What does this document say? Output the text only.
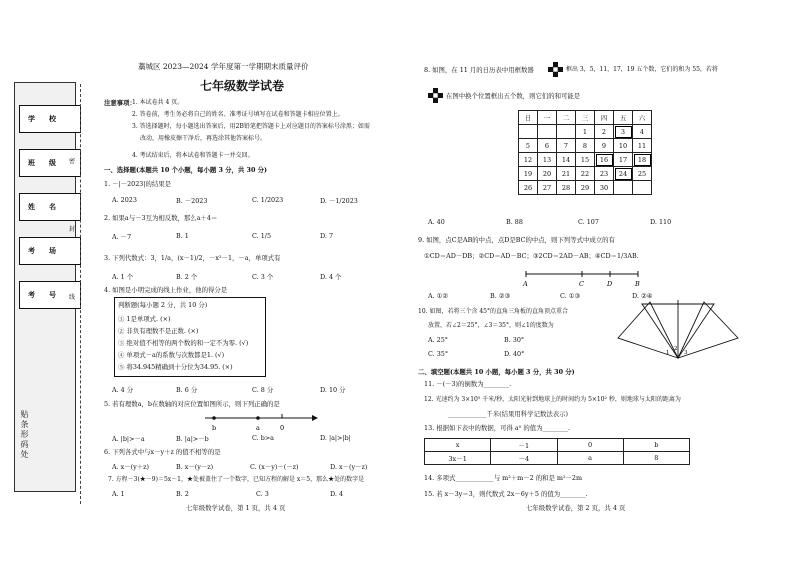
学　　校
班　　级
姓　　名
考　　场
考　　号
贴条形码处
密
封
线
藁城区 2023—2024 学年度第一学期期末质量评价
七年级数学试卷
注意事项：
1. 本试卷共 4 页。
2. 答卷前，考生务必将自己的姓名、准考证号填写在试卷和答题卡相应位置上。
3. 答选择题时，每小题选出答案后，用2B铅笔把答题卡上对应题目的答案标号涂黑；如需
改动，用橡皮擦干净后，再选涂其他答案标号。
4. 考试结束后，将本试卷和答题卡一并交回。
一、选择题(本题共 10 个小题，每小题 3 分，共 30 分)
1. －|－2023|的结果是
A. 2023	B. －2023	C. 1/2023	D. －1/2023
2. 如果a与－3互为相反数，那么a＋4＝
A. －7	B. 1	C. 1/5	D. 7
3. 下列代数式：3，1/a，(x－1)/2，－x²－1，－a，单项式有
A. 1 个	B. 2 个	C. 3 个	D. 4 个
4. 如图是小明完成的线上作业，他的得分是
判断题(每小题 2 分，共 10 分)
① 1是单项式. (×)
② 非负有理数不是正数. (×)
③ 绝对值不相等的两个数的和一定不为零. (√)
④ 单项式－a的系数与次数都是1. (√)
⑤ 将34.945精确到十分位为34.95. (×)
A. 4 分	B. 6 分	C. 8 分	D. 10 分
5. 若有理数a，b在数轴的对应位置如图所示，则下列正确的是
b	a	0
A. |b|>－a	B. |a|>－b	C. b>a	D. |a|>|b|
6. 下列各式中与x－y＋z 的值不相等的是
A. x－(y＋z)	B. x－(y－z)	C. (x－y)－(－z)	D. x－(y－z)
7. 方程－3(★－9)＝5x－1，★处被盖住了一个数字，已知方程的解是 x＝5，那么★处的数字是
A. 1	B. 2	C. 3	D. 4
七年级数学试卷，第 1 页，共 4 页
8. 如图，在 11 月的日历表中用框数器	框出 3，5，11，17，19 五个数，它们的和为 55，若将
在图中换个位置框出五个数，则它们的和可能是
日	一	二	三	四	五	六
			1	2	3	4
5	6	7	8	9	10	11
12	13	14	15	16	17	18
19	20	21	22	23	24	25
26	27	28	29	30		
A. 40	B. 88	C. 107	D. 110
9. 如图，点C是AB的中点，点D是BC的中点，则下列等式中成立的有
①CD＝AD－DB；②CD＝AD－BC；③2CD＝2AD－AB；④CD＝1/3AB.
A	C	D	B
A. ①②	B. ②③	C. ①③	D. ②④
10. 如图，若将三个含 45°的直角三角板的直角顶点重合
放置，若∠2＝25°，∠3＝35°，则∠1的度数为
A. 25°	B. 30°
C. 35°	D. 40°	1
2
3
二、填空题(本题共 10 小题，每小题 3 分，共 30 分)
11. －(－3)的倒数为________.
12. 光速约为 3×10⁵ 千米/秒，太阳光射到地球上的时间约为 5×10² 秒，则地球与太阳的距离为
____________千米(结果用科学记数法表示)
13. 根据如下表中的数据，可得 a⁰ 的值为________.
x	－1	0	b
3x－1	－4	a	8
14. 多项式____________与 m²＋m－2 的和是 m²－2m
15. 若 x－3y＝3，则代数式 2x－6y＋5 的值为________.
七年级数学试卷，第 2 页，共 4 页
